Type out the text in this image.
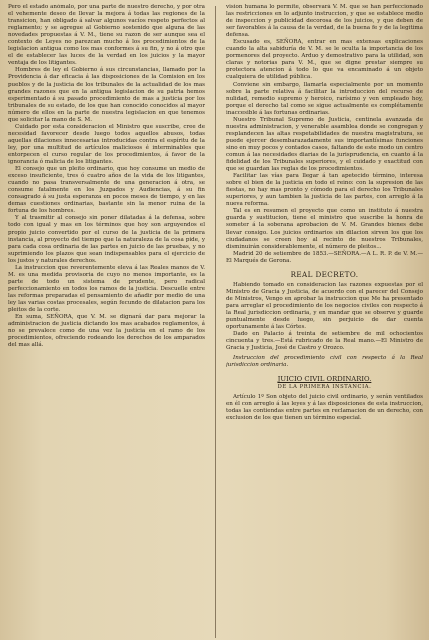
Pero el estado anómalo, por una parte de nuestro derecho, y por otra el vehemente deseo de llevar la mejora á todas las regiones de la transicion, han obligado á salvar algunos vacíos respeto perfectos al reglamento; y se agregue al Gobierno sostenido que alguna de las novedades propuestas á V. M., tiene su razon de ser aunque sea el contexto de Leyes no parezcan mucho á los procedimientos de la legislacion antigua como los mas conformes á su fin, y no á otro que el de establecer las luces de la verdad en los juicios y la mayor ventaja de los litigantes.

Hombres de ley el Gobierno á sus circunstancias, llamado por la Providencia á dar eficacia á las disposiciones de la Comision en los pueblos y de la justicia de los tribunales de la actualidad de los mas grandes razones que en la antigua legislacion de su patria hemos esperimentado á su pasado procedimiento de mas a justicia por los tribunales de su estado, de los que han conocido conocidos al mayor número de ellos en la parte de nuestra legislacion en que tenemos que solicitar la mano de S. M.

Cuidado por esta consideracion el Ministro que suscribe, cree de necesidad favorecer desde luego todos aquellos abusos, todas aquellas dilaciones innecesarias introducidas contra el espíritu de la ley, por una multitud de artículos maliciosos é interminables que entorpecen el curso regular de los procedimientos, á favor de la ignorancia ó malicia de los litigantes.

El consejo que un pleito ordinario, que hoy consume un medio de exceso insuficiente, tres ó cuatro años de la vida de los litigantes, cuando no pasa transversalmente de una generacion á otra, se consume fatalmente en los Juzgados y Audiencias, á su fin consagrado á su justa esperanza en pocos meses de tiempo, y en las demas cuestiones ordinarias, bastante sin la menor ruina de la fortuna de los hombres.

Y al trasmitir al consejo sin poner dilatadas á la defensa, sobre todo con igual y mas en los términos que hoy son arguyendos el propio juicio convertido por el curso de la justicia de la primera instancia, al proyecto del tiempo que la naturaleza de la cosa pide, y para cada cosa ordinaria de las partes en juicio de las pruebas, y no suprimiendo los plazos que sean indispensables para el ejercicio de los justos y naturales derechos.

La instruccion que reverentemente eleva á las Reales manos de V. M. es una medida provisoria de cuyo no menos importante, es la parte de todo un sistema de prudente, pero radical perfeccionamiento en todos los ramos de la justicia. Descuelle entre las reformas preparadas el pensamiento de añadir por medio de una ley las varias costas procesales, según fecundo de dilatacion para los pleitos de la corte.

En suma, SEÑORA, que V. M. se dignará dar para mejorar la administracion de justicia dictando los mas acabados reglamentos, á no se prevalece como de una vez la justicia en el ramo de los procedimientos, ofreciendo rodeando los derechos de los amparados del mas allá.

vision humana lo permite, observará V. M. que se han perfeccionado las restricciones en lo adjunto instruccion, y que se establece medio de inspeccion y publicidad decorosa de los juicios, y que deben de ser favorables á la causa de la verdad, de la buena fe y de la legitima defensa.

Escusado es, SEÑORA, entrar en mas extensas explicaciones cuando la alta sabiduría de V. M. se le oculta la importancia de los pormenores del proyecto. Arduo y demostrativo para la utilidad, son claras y notorias para V. M., que se digne prestar siempre su protectora atencion á todo lo que va encaminado á un objeto cualquiera de utilidad pública.

Conviene sin embargo, llamarla especialmente por un momento sobre la parte relativa á facilitar la introduccion del recurso de nulidad, remedio supremo y heroico, rarísimo y ven empleado hoy, porque el derecho tal como se sigue actualmente es complétamente inaccesible á las fortunas ordinarias.

Nuestro Tribunal Supremo de Justicia, centinela avanzada de nuestra administracion, y venerable asamblea donde se congregan y resplandecen las altas respetabilidades de nuestra magistratura, se puede ejercer desembarazadamente sus importantísimas funciones sino en muy pocos y contados casos, faltando de este modo un centro comun á las necesidades diarias de la jurisprudencia, en cuanto á la fidelidad de los Tribunales superiores, y el cuidado y exactitud con que se guardan las reglas de los procedimientos.

Facilitar las vías para llegar á tan apetecido término, interesa sobre el bien de la justicia en todo el reino: con la supresion de las fiestas, no hay mas pronto y cómodo para el derecho los Tribunales superiores, y aun tambien la justicia de las partes, con arreglo á la nueva reforma.

Tal es en resumen el proyecto que como un instituto á nuestra guarda y sustitucion, tiene el ministro que suscribe la honra de someter á la soberana aprobacion de V. M. Grandes bienes debe llevar consigo. Los juicios ordinarios sin dilacion sirven los que los ciudadanos se creen hoy al recinto de nuestros Tribunales, disminuirán considerablemente, el número de pleitos...

Madrid 20 de setiembre de 1853.—SEÑORA.—A L. R. P. de V. M.—El Marqués de Gerona.

REAL DECRETO.

Habiendo tomado en consideracion las razones expuestas por el Ministro de Gracia y Justicia, de acuerdo con el parecer del Consejo de Ministros, Vengo en aprobar la instruccion que Me ha presentado para arreglar el procedimiento de los negocios civiles con respecto á la Real jurisdiccion ordinaria, y en mandar que se observe y guarde puntualmente desde luego, sin perjuicio de dar cuenta oportunamente á las Córtes.

Dado en Palacio á treinta de setiembre de mil ochocientos cincuenta y tres.—Está rubricado de la Real mano.—El Ministro de Gracia y Justicia, José de Castro y Orozco.

Instruccion del procedimiento civil con respecto á la Real jurisdiccion ordinaria.

JUICIO CIVIL ORDINARIO.

DE LA PRIMERA INSTANCIA.

Artículo 1º Son objeto del juicio civil ordinario, y serán ventilados en él con arreglo á las leyes y á las disposiciones de esta instruccion, todas las contiendas entre partes en reclamacion de un derecho, con exclusion de los que tienen un término especial.
